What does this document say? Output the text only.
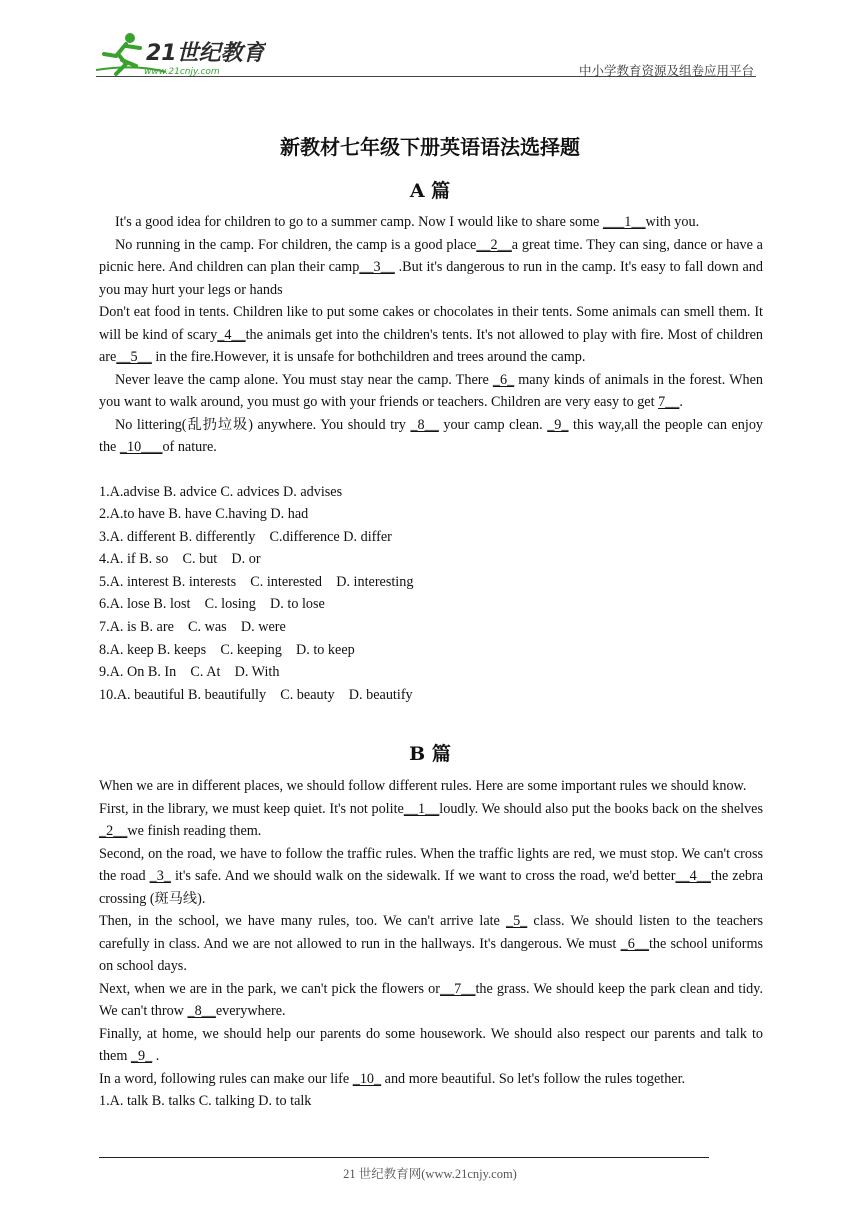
21世纪教育
www.21cnjy.com	中小学教育资源及组卷应用平台
新教材七年级下册英语语法选择题
A 篇

It's a good idea for children to go to a summer camp. Now I would like to share some ___1__with you.

No running in the camp. For children, the camp is a good place__2__a great time. They can sing, dance or have a picnic here. And children can plan their camp__3__ .But it's dangerous to run in the camp. It's easy to fall down and you may hurt your legs or hands

Don't eat food in tents. Children like to put some cakes or chocolates in their tents. Some animals can smell them. It will be kind of scary_4__the animals get into the children's tents. It's not allowed to play with fire. Most of children are__5__ in the fire.However, it is unsafe for bothchildren and trees around the camp.

Never leave the camp alone. You must stay near the camp. There _6_ many kinds of animals in the forest. When you want to walk around, you must go with your friends or teachers. Children are very easy to get 7__.

No littering(乱扔垃圾) anywhere. You should try _8__ your camp clean. _9_ this way,all the people can enjoy the _10___of nature.

1.A.advise B. advice C. advices D. advises

2.A.to have B. have C.having D. had

3.A. different B. differently    C.difference D. differ

4.A. if B. so    C. but    D. or

5.A. interest B. interests    C. interested    D. interesting

6.A. lose B. lost    C. losing    D. to lose

7.A. is B. are    C. was    D. were

8.A. keep B. keeps    C. keeping    D. to keep

9.A. On B. In    C. At    D. With

10.A. beautiful B. beautifully    C. beauty    D. beautify

B 篇

When we are in different places, we should follow different rules. Here are some important rules we should know.

First, in the library, we must keep quiet. It's not polite__1__loudly. We should also put the books back on the shelves _2__we finish reading them.

Second, on the road, we have to follow the traffic rules. When the traffic lights are red, we must stop. We can't cross the road _3_ it's safe. And we should walk on the sidewalk. If we want to cross the road, we'd better__4__the zebra crossing (斑马线).

Then, in the school, we have many rules, too. We can't arrive late _5_ class. We should listen to the teachers carefully in class. And we are not allowed to run in the hallways. It's dangerous. We must _6__the school uniforms on school days.

Next, when we are in the park, we can't pick the flowers or__7__the grass. We should keep the park clean and tidy. We can't throw _8__everywhere.

Finally, at home, we should help our parents do some housework. We should also respect our parents and talk to them _9_ .

In a word, following rules can make our life _10_ and more beautiful. So let's follow the rules together.

1.A. talk B. talks C. talking D. to talk

21 世纪教育网(www.21cnjy.com)
